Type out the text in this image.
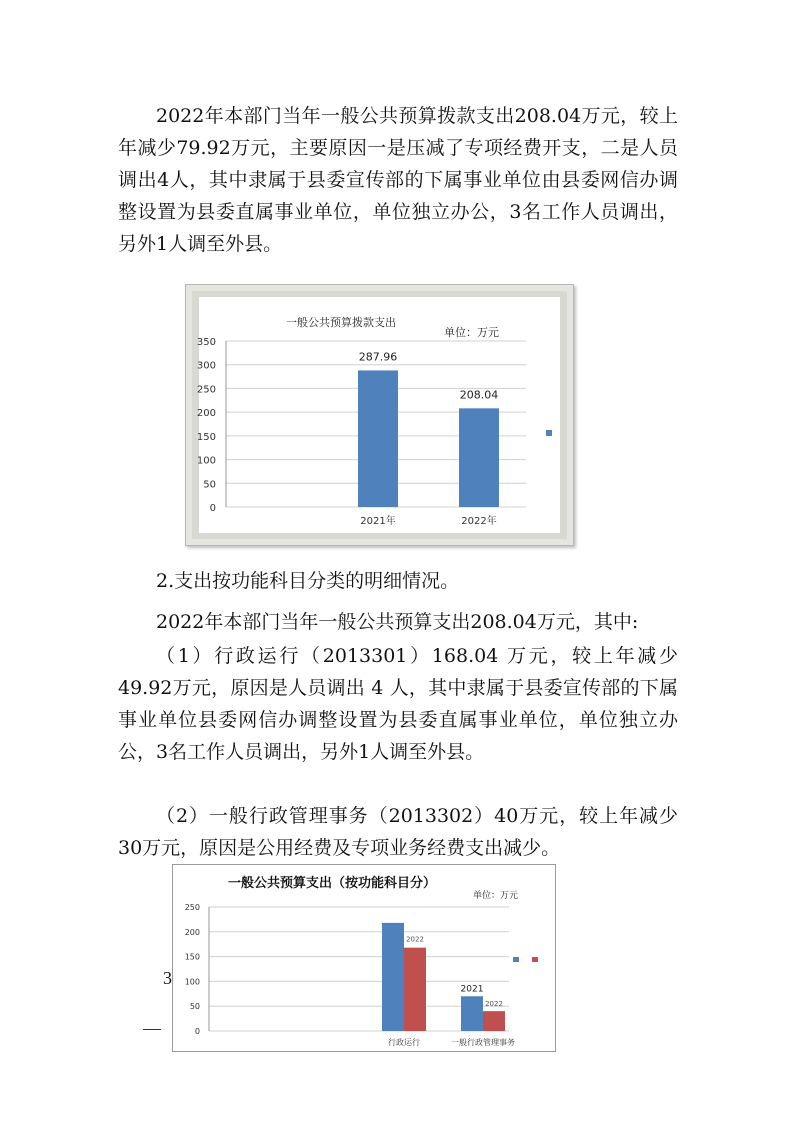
2022年本部门当年一般公共预算拨款支出208.04万元，较上年减少79.92万元，主要原因一是压减了专项经费开支，二是人员调出4人，其中隶属于县委宣传部的下属事业单位由县委网信办调整设置为县委直属事业单位，单位独立办公，3名工作人员调出，另外1人调至外县。

一般公共预算拨款支出
单位：万元
287.96
208.04
0
50
100
150
200
250
300
350
2021年	2022年

2.支出按功能科目分类的明细情况。

2022年本部门当年一般公共预算支出208.04万元，其中:

（1）行政运行（2013301）168.04 万元，较上年减少49.92万元，原因是人员调出 4 人，其中隶属于县委宣传部的下属事业单位县委网信办调整设置为县委直属事业单位，单位独立办公，3名工作人员调出，另外1人调至外县。

（2）一般行政管理事务（2013302）40万元，较上年减少30万元，原因是公用经费及专项业务经费支出减少。

一般公共预算支出（按功能科目分）
单位：万元
0
50
100
150
200
250
行政运行	一般行政管理事务
2022
2021
2022
3
—
